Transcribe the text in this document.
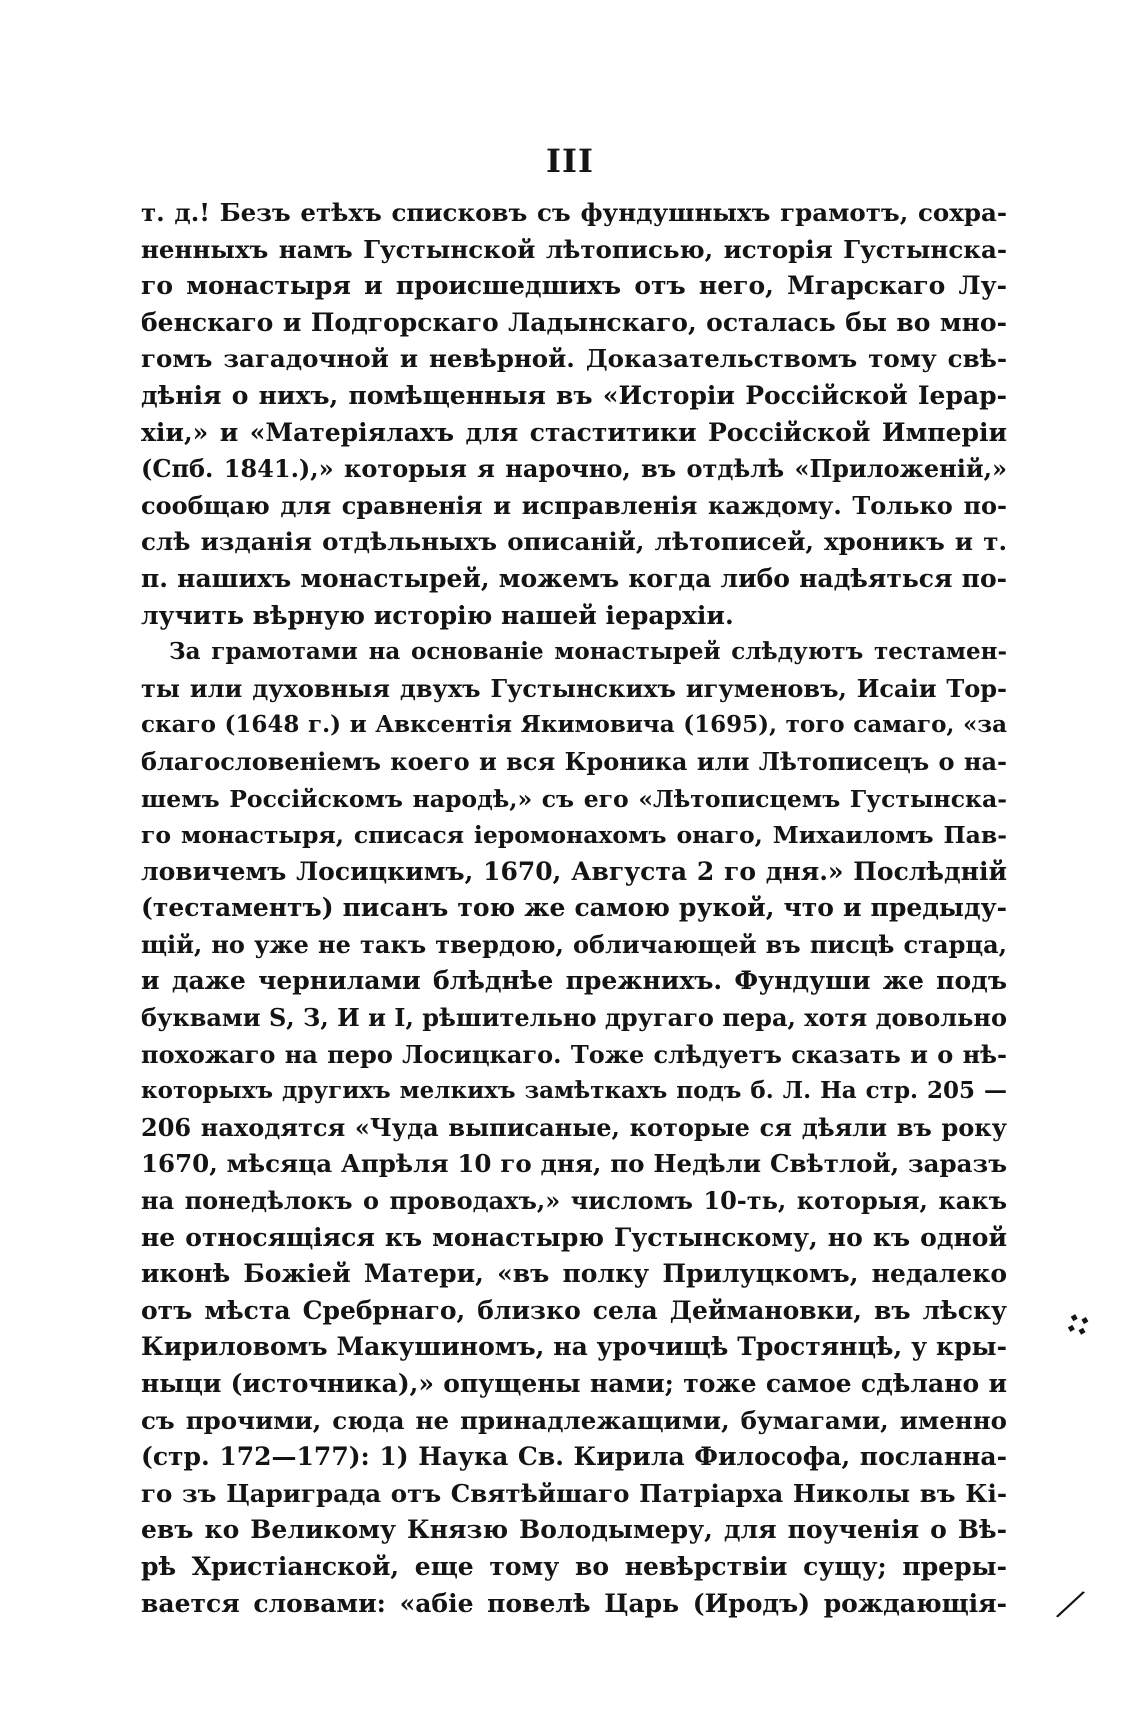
III
т. д.! Безъ етѣхъ списковъ съ фундушныхъ грамотъ, сохра-
ненныхъ намъ Густынской лѣтописью, исторiя Густынска-
го монастыря и происшедшихъ отъ него, Мгарскаго Лу-
бенскаго и Подгорскаго Ладынскаго, осталась бы во мно-
гомъ загадочной и невѣрной. Доказательствомъ тому свѣ-
дѣнiя о нихъ, помѣщенныя въ «Исторiи Россiйской Iерар-
хiи,» и «Матерiялахъ для стаститики Россiйской Имперiи
(Спб. 1841.),» которыя я нарочно, въ отдѣлѣ «Приложенiй,»
сообщаю для сравненiя и исправленiя каждому. Только по-
слѣ изданiя отдѣльныхъ описанiй, лѣтописей, хроникъ и т.
п. нашихъ монастырей, можемъ когда либо надѣяться по-
лучить вѣрную исторiю нашей iерархiи.
За грамотами на основанiе монастырей слѣдуютъ тестамен-
ты или духовныя двухъ Густынскихъ игуменовъ, Исаiи Тор-
скаго (1648 г.) и Авксентiя Якимовича (1695), того самаго, «за
благословенiемъ коего и вся Кроника или Лѣтописецъ о на-
шемъ Россiйскомъ народѣ,» съ его «Лѣтописцемъ Густынска-
го монастыря, списася iеромонахомъ онаго, Михаиломъ Пав-
ловичемъ Лосицкимъ, 1670, Августа 2 го дня.» Послѣднiй
(тестаментъ) писанъ тою же самою рукой, что и предыду-
щiй, но уже не такъ твердою, обличающей въ писцѣ старца,
и даже чернилами блѣднѣе прежнихъ. Фундуши же подъ
буквами Ѕ, З, И и I, рѣшительно другаго пера, хотя довольно
похожаго на перо Лосицкаго. Тоже слѣдуетъ сказать и о нѣ-
которыхъ другихъ мелкихъ замѣткахъ подъ б. Л. На стр. 205 —
206 находятся «Чуда выписаные, которые ся дѣяли въ року
1670, мѣсяца Апрѣля 10 го дня, по Недѣли Свѣтлой, заразъ
на понедѣлокъ о проводахъ,» числомъ 10-ть, которыя, какъ
не относящiяся къ монастырю Густынскому, но къ одной
иконѣ Божiей Матери, «въ полку Прилуцкомъ, недалеко
отъ мѣста Сребрнаго, близко села Деймановки, въ лѣску
Кириловомъ Макушиномъ, на урочищѣ Тростянцѣ, у кры-
ныци (источника),» опущены нами; тоже самое сдѣлано и
съ прочими, сюда не принадлежащими, бумагами, именно
(стр. 172—177): 1) Наука Св. Кирила Философа, посланна-
го зъ Цариграда отъ Святѣйшаго Патрiарха Николы въ Кi-
евъ ко Великому Князю Володымеру, для поученiя о Вѣ-
рѣ Христiанской, еще тому во невѣрствiи сущу; преры-
вается словами: «абiе повелѣ Царь (Иродъ) рождающiя-
⁘
╱
